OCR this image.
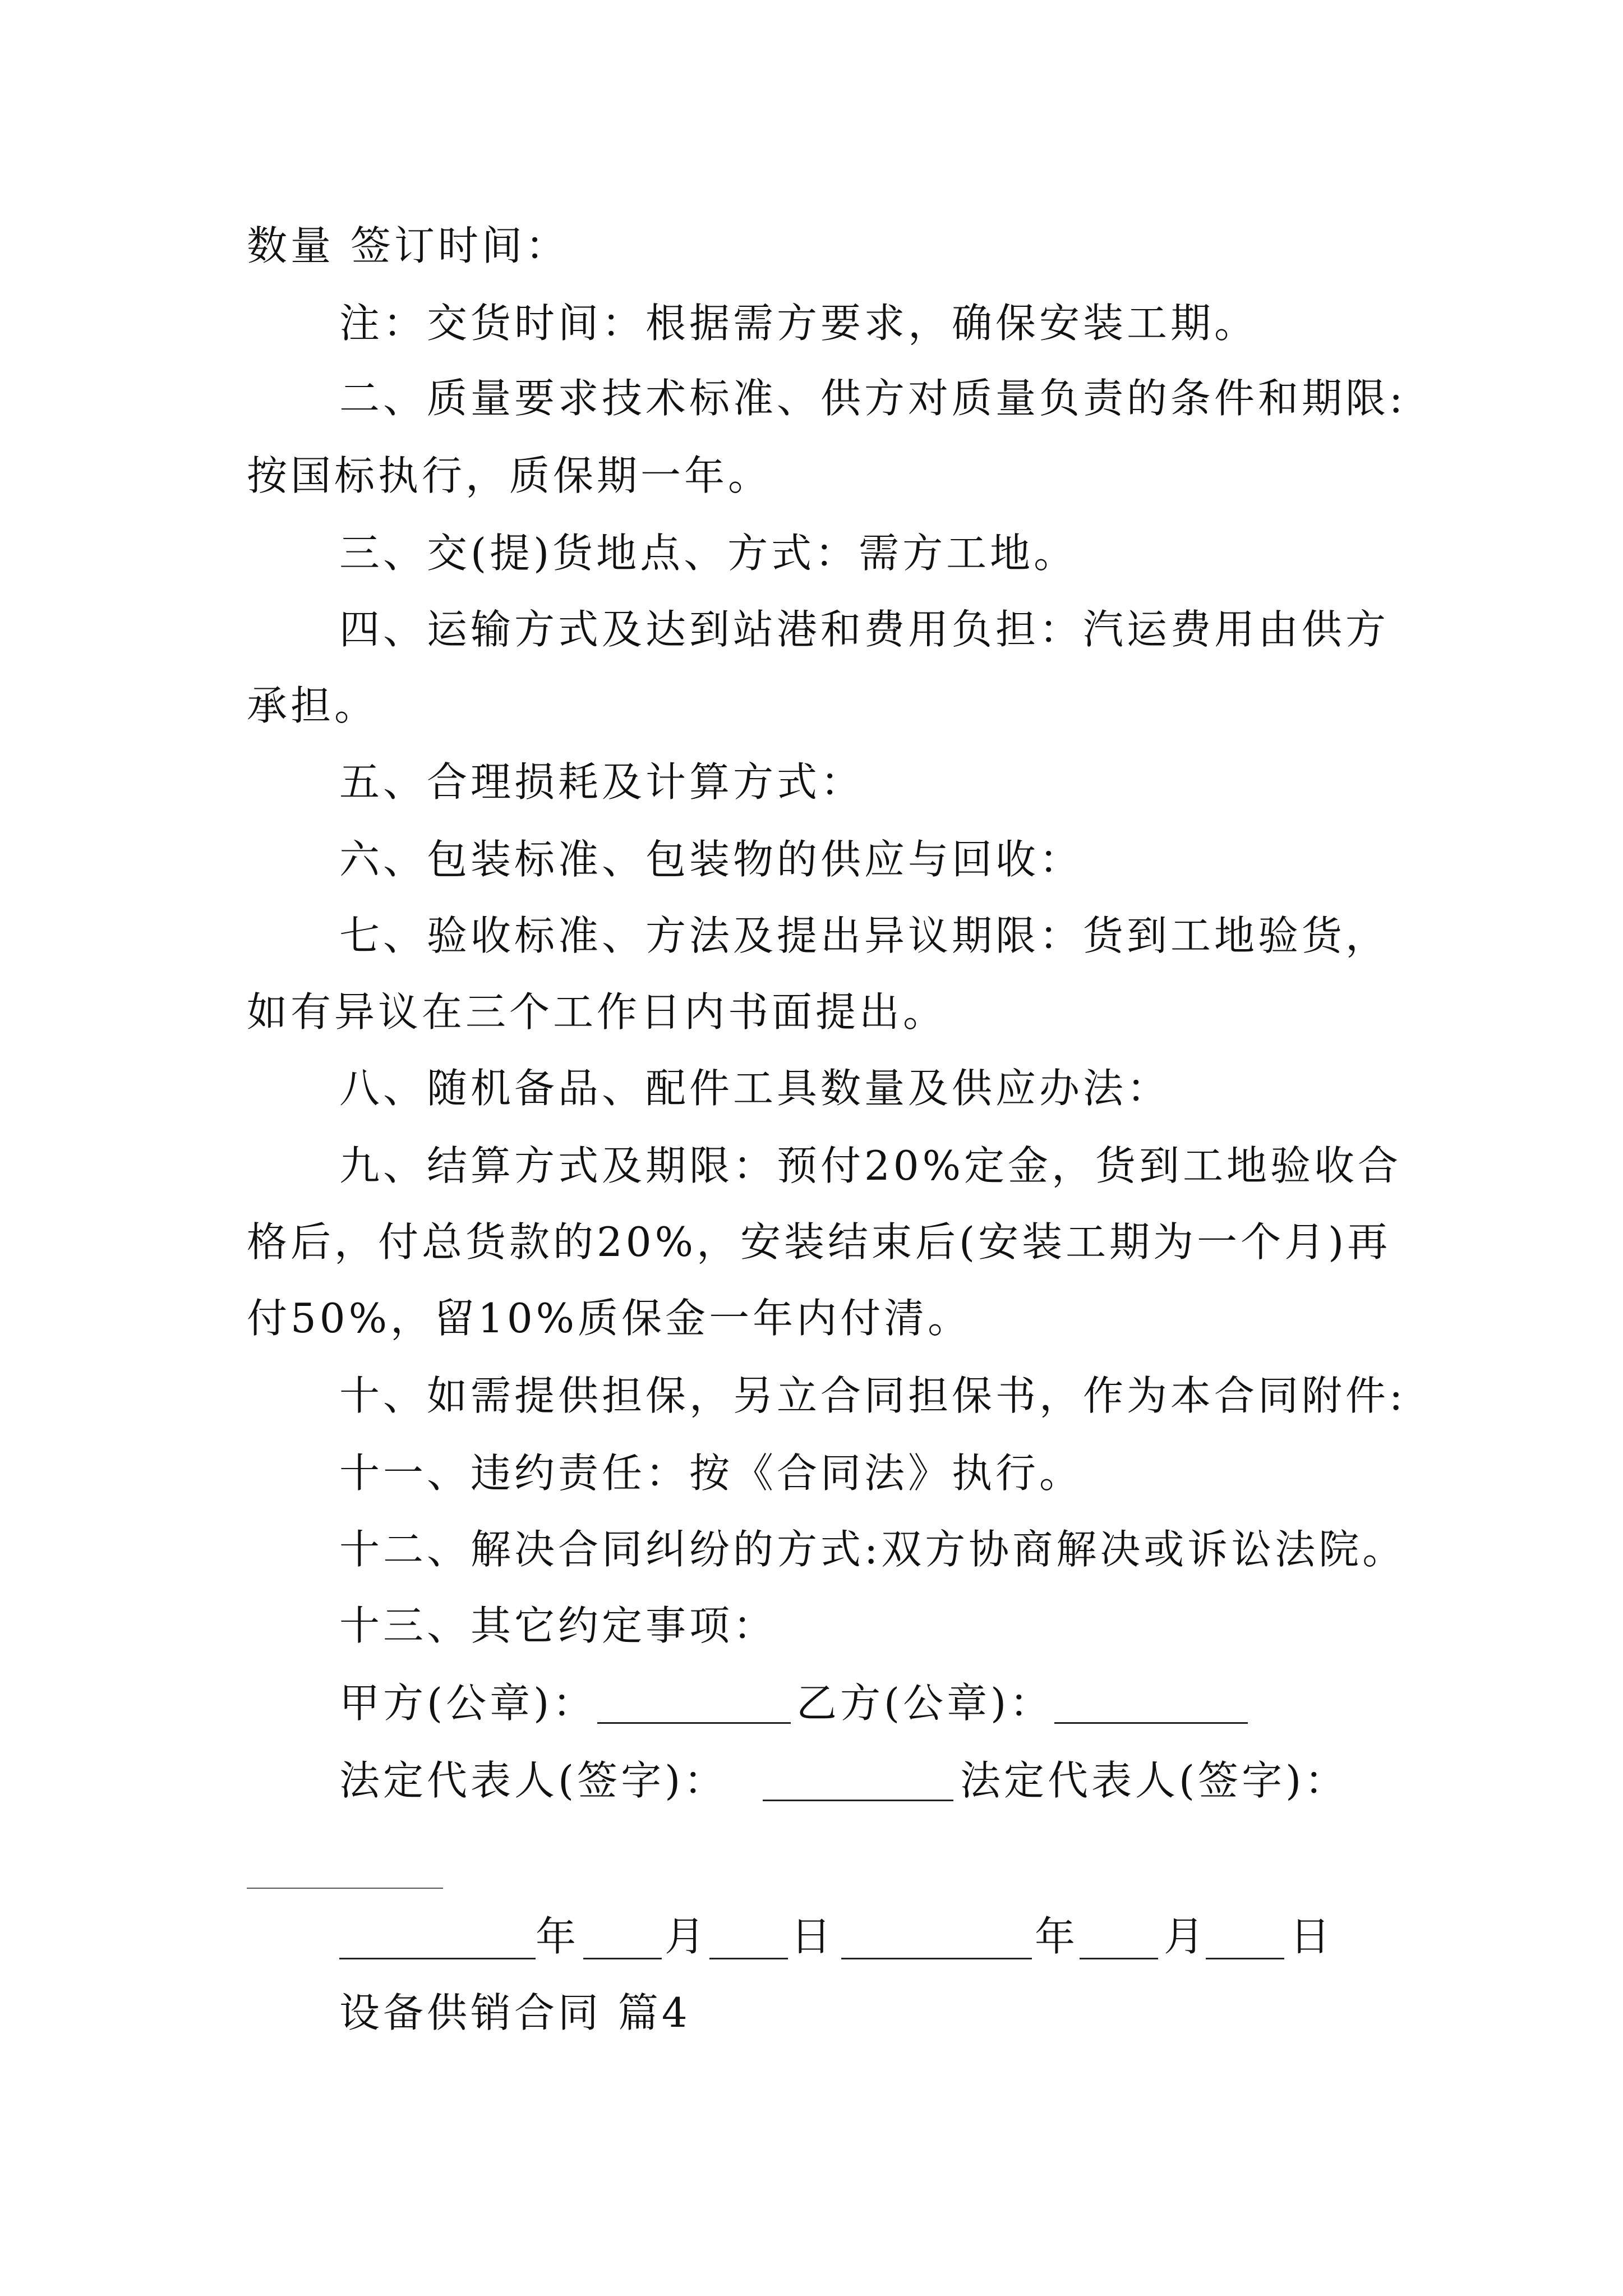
数量 签订时间：
注：交货时间：根据需方要求，确保安装工期。
二、质量要求技术标准、供方对质量负责的条件和期限:
按国标执行，质保期一年。
三、交(提)货地点、方式：需方工地。
四、运输方式及达到站港和费用负担：汽运费用由供方
承担。
五、合理损耗及计算方式：
六、包装标准、包装物的供应与回收：
七、验收标准、方法及提出异议期限：货到工地验货，
如有异议在三个工作日内书面提出。
八、随机备品、配件工具数量及供应办法：
九、结算方式及期限：预付20%定金，货到工地验收合
格后，付总货款的20%，安装结束后(安装工期为一个月)再
付50%，留10%质保金一年内付清。
十、如需提供担保，另立合同担保书，作为本合同附件:
十一、违约责任：按《合同法》执行。
十二、解决合同纠纷的方式:双方协商解决或诉讼法院。
十三、其它约定事项：
甲方(公章)：	乙方(公章)：
法定代表人(签字)：	法定代表人(签字)：
年 月 日	年 月 日
设备供销合同 篇4
